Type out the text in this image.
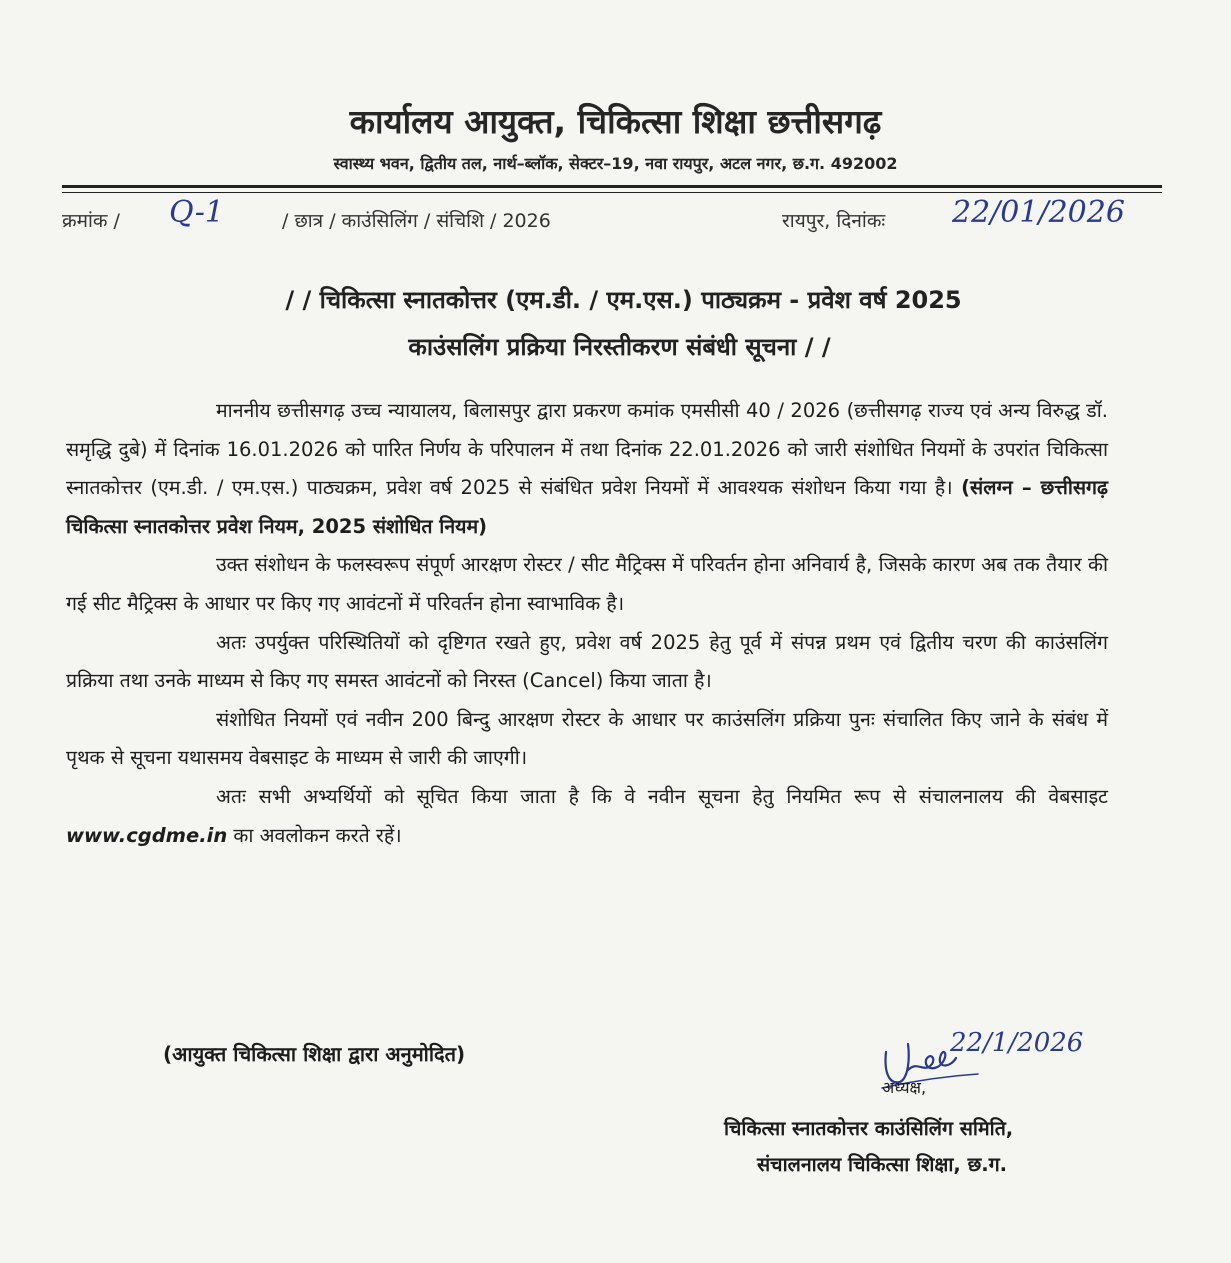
कार्यालय आयुक्त, चिकित्सा शिक्षा छत्तीसगढ़
स्वास्थ्य भवन, द्वितीय तल, नार्थ–ब्लॉक, सेक्टर–19, नवा रायपुर, अटल नगर, छ.ग. 492002
क्रमांक / Q-1	/ छात्र / काउंसिलिंग / संचिशि / 2026	रायपुर, दिनांकः 22/01/2026
/ / चिकित्सा स्नातकोत्तर (एम.डी. / एम.एस.) पाठ्यक्रम - प्रवेश वर्ष 2025
काउंसलिंग प्रक्रिया निरस्तीकरण संबंधी सूचना / /

माननीय छत्तीसगढ़ उच्च न्यायालय, बिलासपुर द्वारा प्रकरण कमांक एमसीसी 40 / 2026 (छत्तीसगढ़ राज्य एवं अन्य विरुद्ध डॉ. समृद्धि दुबे) में दिनांक 16.01.2026 को पारित निर्णय के परिपालन में तथा दिनांक 22.01.2026 को जारी संशोधित नियमों के उपरांत चिकित्सा स्नातकोत्तर (एम.डी. / एम.एस.) पाठ्यक्रम, प्रवेश वर्ष 2025 से संबंधित प्रवेश नियमों में आवश्यक संशोधन किया गया है। (संलग्न – छत्तीसगढ़ चिकित्सा स्नातकोत्तर प्रवेश नियम, 2025 संशोधित नियम)

उक्त संशोधन के फलस्वरूप संपूर्ण आरक्षण रोस्टर / सीट मैट्रिक्स में परिवर्तन होना अनिवार्य है, जिसके कारण अब तक तैयार की गई सीट मैट्रिक्स के आधार पर किए गए आवंटनों में परिवर्तन होना स्वाभाविक है।

अतः उपर्युक्त परिस्थितियों को दृष्टिगत रखते हुए, प्रवेश वर्ष 2025 हेतु पूर्व में संपन्न प्रथम एवं द्वितीय चरण की काउंसलिंग प्रक्रिया तथा उनके माध्यम से किए गए समस्त आवंटनों को निरस्त (Cancel) किया जाता है।

संशोधित नियमों एवं नवीन 200 बिन्दु आरक्षण रोस्टर के आधार पर काउंसलिंग प्रक्रिया पुनः संचालित किए जाने के संबंध में पृथक से सूचना यथासमय वेबसाइट के माध्यम से जारी की जाएगी।

अतः सभी अभ्यर्थियों को सूचित किया जाता है कि वे नवीन सूचना हेतु नियमित रूप से संचालनालय की वेबसाइट www.cgdme.in का अवलोकन करते रहें।

(आयुक्त चिकित्सा शिक्षा द्वारा अनुमोदित)	22/1/2026
अध्यक्ष,
चिकित्सा स्नातकोत्तर काउंसिलिंग समिति,
संचालनालय चिकित्सा शिक्षा, छ.ग.
